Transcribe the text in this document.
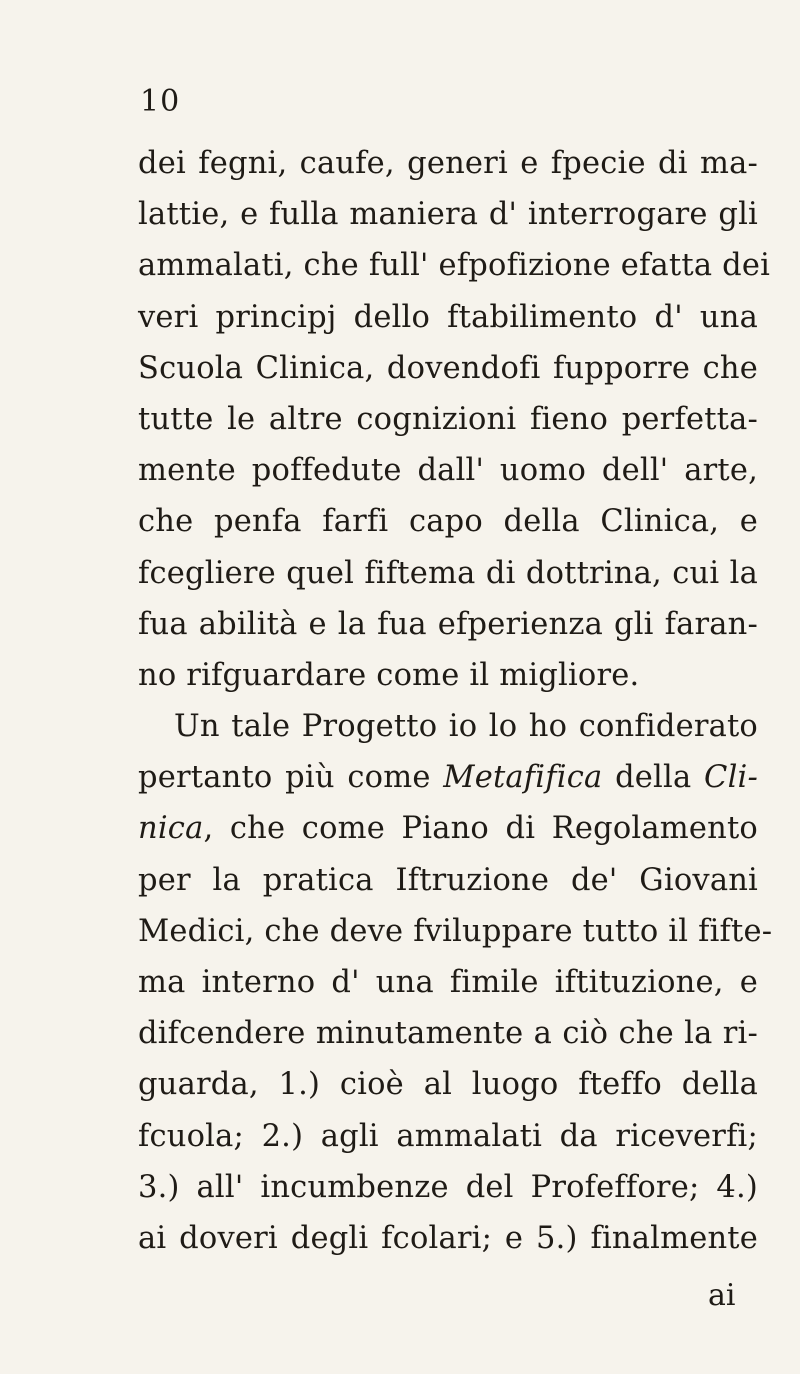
10
dei fegni, caufe, generi e fpecie di ma-
lattie, e fulla maniera d' interrogare gli
ammalati, che full' efpofizione efatta dei
veri principj dello ftabilimento d' una
Scuola Clinica, dovendofi fupporre che
tutte le altre cognizioni fieno perfetta-
mente poffedute dall' uomo dell' arte,
che penfa farfi capo della Clinica, e
fcegliere quel fiftema di dottrina, cui la
fua abilità e la fua efperienza gli faran-
no rifguardare come il migliore.
Un tale Progetto io lo ho confiderato
pertanto più come Metafifica della Cli-
nica, che come Piano di Regolamento
per la pratica Iftruzione de' Giovani
Medici, che deve fviluppare tutto il fifte-
ma interno d' una fimile iftituzione, e
difcendere minutamente a ciò che la ri-
guarda, 1.) cioè al luogo fteffo della
fcuola; 2.) agli ammalati da riceverfi;
3.) all' incumbenze del Profeffore; 4.)
ai doveri degli fcolari; e 5.) finalmente
ai
